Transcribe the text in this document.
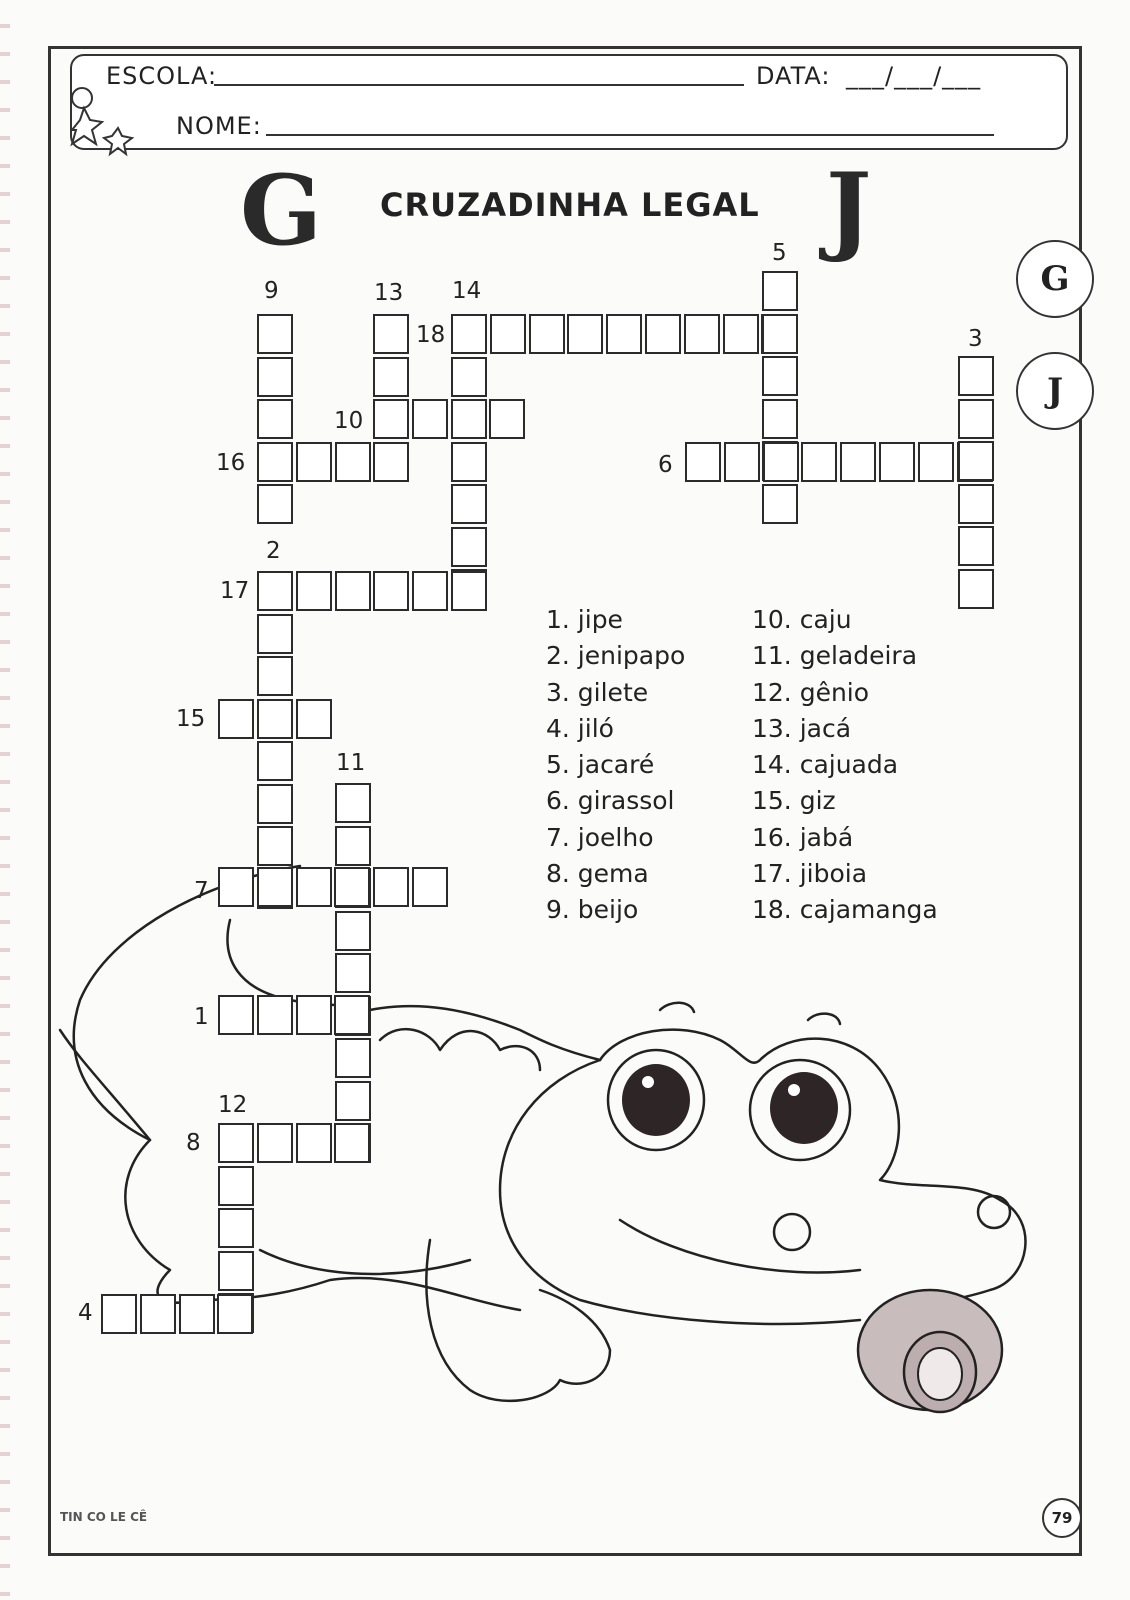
ESCOLA:	DATA: ___/___/___
NOME:
G CRUZADINHA LEGAL J
G
J
1
2
3
4
5
6
7
8
9
10
11
12
13 14
15
16
17
18
1. jipe
2. jenipapo
3. gilete
4. jiló
5. jacaré
6. girassol
7. joelho
8. gema
9. beijo
10. caju
11. geladeira
12. gênio
13. jacá
14. cajuada
15. giz
16. jabá
17. jiboia
18. cajamanga
TIN CO LE CÊ	79
